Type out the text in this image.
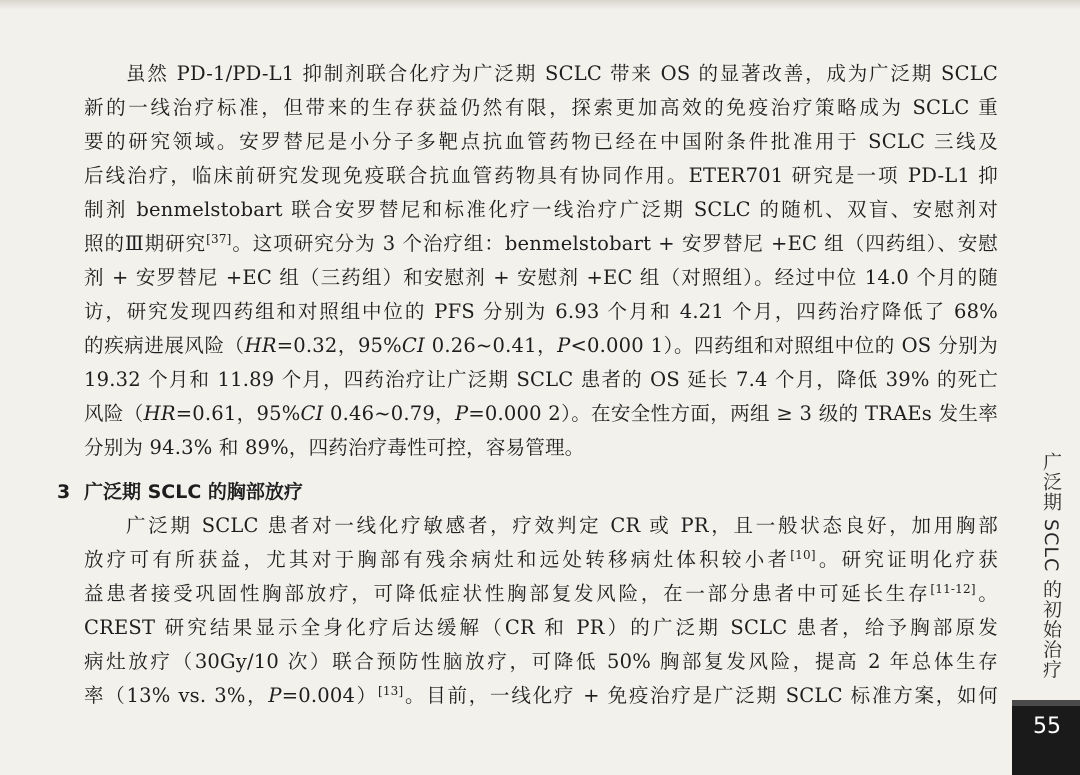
虽然 PD-1/PD-L1 抑制剂联合化疗为广泛期 SCLC 带来 OS 的显著改善，成为广泛期 SCLC
新的一线治疗标准，但带来的生存获益仍然有限，探索更加高效的免疫治疗策略成为 SCLC 重
要的研究领域。安罗替尼是小分子多靶点抗血管药物已经在中国附条件批准用于 SCLC 三线及
后线治疗，临床前研究发现免疫联合抗血管药物具有协同作用。ETER701 研究是一项 PD-L1 抑
制剂 benmelstobart 联合安罗替尼和标准化疗一线治疗广泛期 SCLC 的随机、双盲、安慰剂对
照的Ⅲ期研究[37]。这项研究分为 3 个治疗组：benmelstobart + 安罗替尼 +EC 组（四药组）、安慰
剂 + 安罗替尼 +EC 组（三药组）和安慰剂 + 安慰剂 +EC 组（对照组）。经过中位 14.0 个月的随
访，研究发现四药组和对照组中位的 PFS 分别为 6.93 个月和 4.21 个月，四药治疗降低了 68%
的疾病进展风险（HR=0.32，95%CI 0.26~0.41，P<0.000 1）。四药组和对照组中位的 OS 分别为
19.32 个月和 11.89 个月，四药治疗让广泛期 SCLC 患者的 OS 延长 7.4 个月，降低 39% 的死亡
风险（HR=0.61，95%CI 0.46~0.79，P=0.000 2）。在安全性方面，两组 ≥ 3 级的 TRAEs 发生率
分别为 94.3% 和 89%，四药治疗毒性可控，容易管理。
3 广泛期 SCLC 的胸部放疗
广泛期 SCLC 患者对一线化疗敏感者，疗效判定 CR 或 PR，且一般状态良好，加用胸部
放疗可有所获益，尤其对于胸部有残余病灶和远处转移病灶体积较小者[10]。研究证明化疗获
益患者接受巩固性胸部放疗，可降低症状性胸部复发风险，在一部分患者中可延长生存[11-12]。
CREST 研究结果显示全身化疗后达缓解（CR 和 PR）的广泛期 SCLC 患者，给予胸部原发
病灶放疗（30Gy/10 次）联合预防性脑放疗，可降低 50% 胸部复发风险，提高 2 年总体生存
率（13% vs. 3%，P=0.004）[13]。目前，一线化疗 + 免疫治疗是广泛期 SCLC 标准方案，如何
广泛期 SCLC 的初始治疗
55
